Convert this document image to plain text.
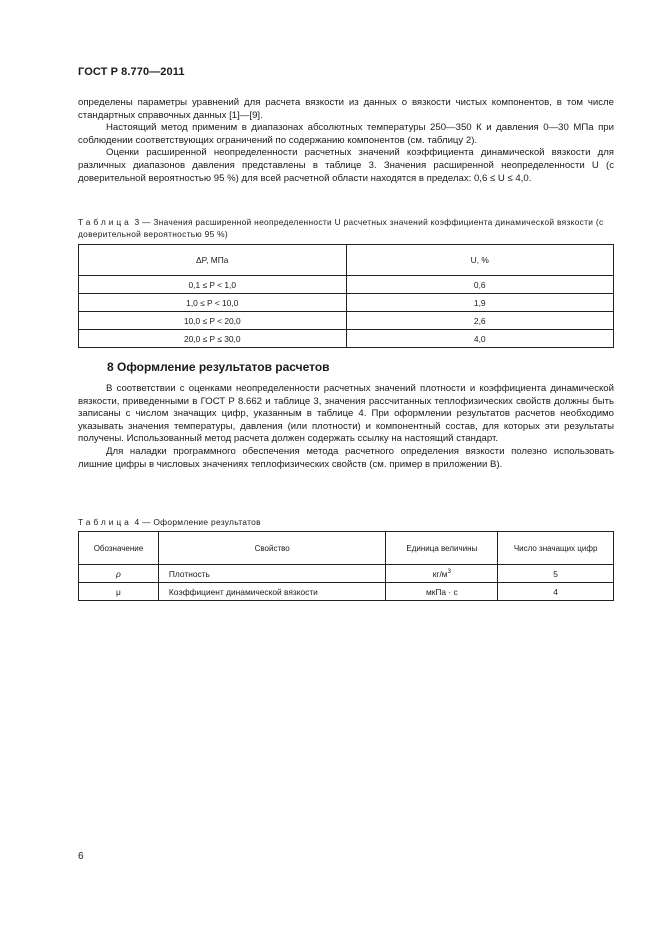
ГОСТ Р 8.770—2011

определены параметры уравнений для расчета вязкости из данных о вязкости чистых компонентов, в том числе стандартных справочных данных [1]—[9].

Настоящий метод применим в диапазонах абсолютных температуры 250—350 К и давления 0—30 МПа при соблюдении соответствующих ограничений по содержанию компонентов (см. таблицу 2).

Оценки расширенной неопределенности расчетных значений коэффициента динамической вязкости для различных диапазонов давления представлены в таблице 3. Значения расширенной неопределенности U (с доверительной вероятностью 95 %) для всей расчетной области находятся в пределах: 0,6 ≤ U ≤ 4,0.

Таблица 3 — Значения расширенной неопределенности U расчетных значений коэффициента динамической вязкости (с доверительной вероятностью 95 %)
ΔP, МПа	U, %
0,1 ≤ P < 1,0	0,6
1,0 ≤ P < 10,0	1,9
10,0 ≤ P < 20,0	2,6
20,0 ≤ P ≤ 30,0	4,0
8 Оформление результатов расчетов

В соответствии с оценками неопределенности расчетных значений плотности и коэффициента динамической вязкости, приведенными в ГОСТ Р 8.662 и таблице 3, значения рассчитанных теплофизических свойств должны быть записаны с числом значащих цифр, указанным в таблице 4. При оформлении результатов расчетов необходимо указывать значения температуры, давления (или плотности) и компонентный состав, для которых эти результаты получены. Использованный метод расчета должен содержать ссылку на настоящий стандарт.

Для наладки программного обеспечения метода расчетного определения вязкости полезно использовать лишние цифры в числовых значениях теплофизических свойств (см. пример в приложении В).

Таблица 4 — Оформление результатов
Обозначение	Свойство	Единица величины	Число значащих цифр
ρ	Плотность	$кг/м^3$	5
μ	Коэффициент динамической вязкости	мкПа · с	4
6
